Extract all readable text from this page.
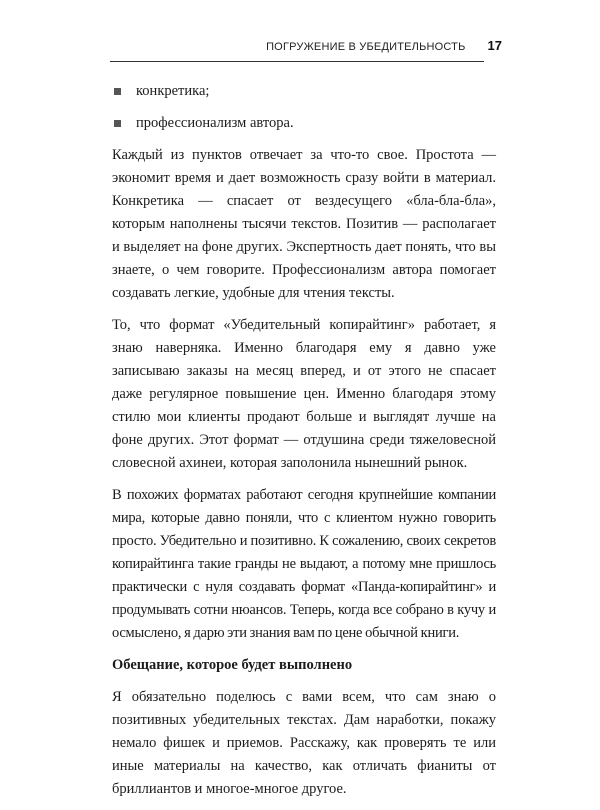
ПОГРУЖЕНИЕ В УБЕДИТЕЛЬНОСТЬ 17
конкретика;
профессионализм автора.

Каждый из пунктов отвечает за что-то свое. Простота — экономит время и дает возможность сразу войти в материал. Конкретика — спасает от вездесущего «бла-бла-бла», которым наполнены тысячи текстов. Позитив — располагает и выделяет на фоне других. Экспертность дает понять, что вы знаете, о чем говорите. Профессионализм автора помогает создавать легкие, удобные для чтения тексты.

То, что формат «Убедительный копирайтинг» работает, я знаю наверняка. Именно благодаря ему я давно уже записываю заказы на месяц вперед, и от этого не спасает даже регулярное повышение цен. Именно благодаря этому стилю мои клиенты продают больше и выглядят лучше на фоне других. Этот формат — отдушина среди тяжеловесной словесной ахинеи, которая заполонила нынешний рынок.

В похожих форматах работают сегодня крупнейшие компании мира, которые давно поняли, что с клиентом нужно говорить просто. Убедительно и позитивно. К сожалению, своих секретов копирайтинга такие гранды не выдают, а потому мне пришлось практически с нуля создавать формат «Панда-копирайтинг» и продумывать сотни нюансов. Теперь, когда все собрано в кучу и осмыслено, я дарю эти знания вам по цене обычной книги.

Обещание, которое будет выполнено

Я обязательно поделюсь с вами всем, что сам знаю о позитивных убедительных текстах. Дам наработки, покажу немало фишек и приемов. Расскажу, как проверять те или иные материалы на качество, как отличать фианиты от бриллиантов и многое-многое другое.
